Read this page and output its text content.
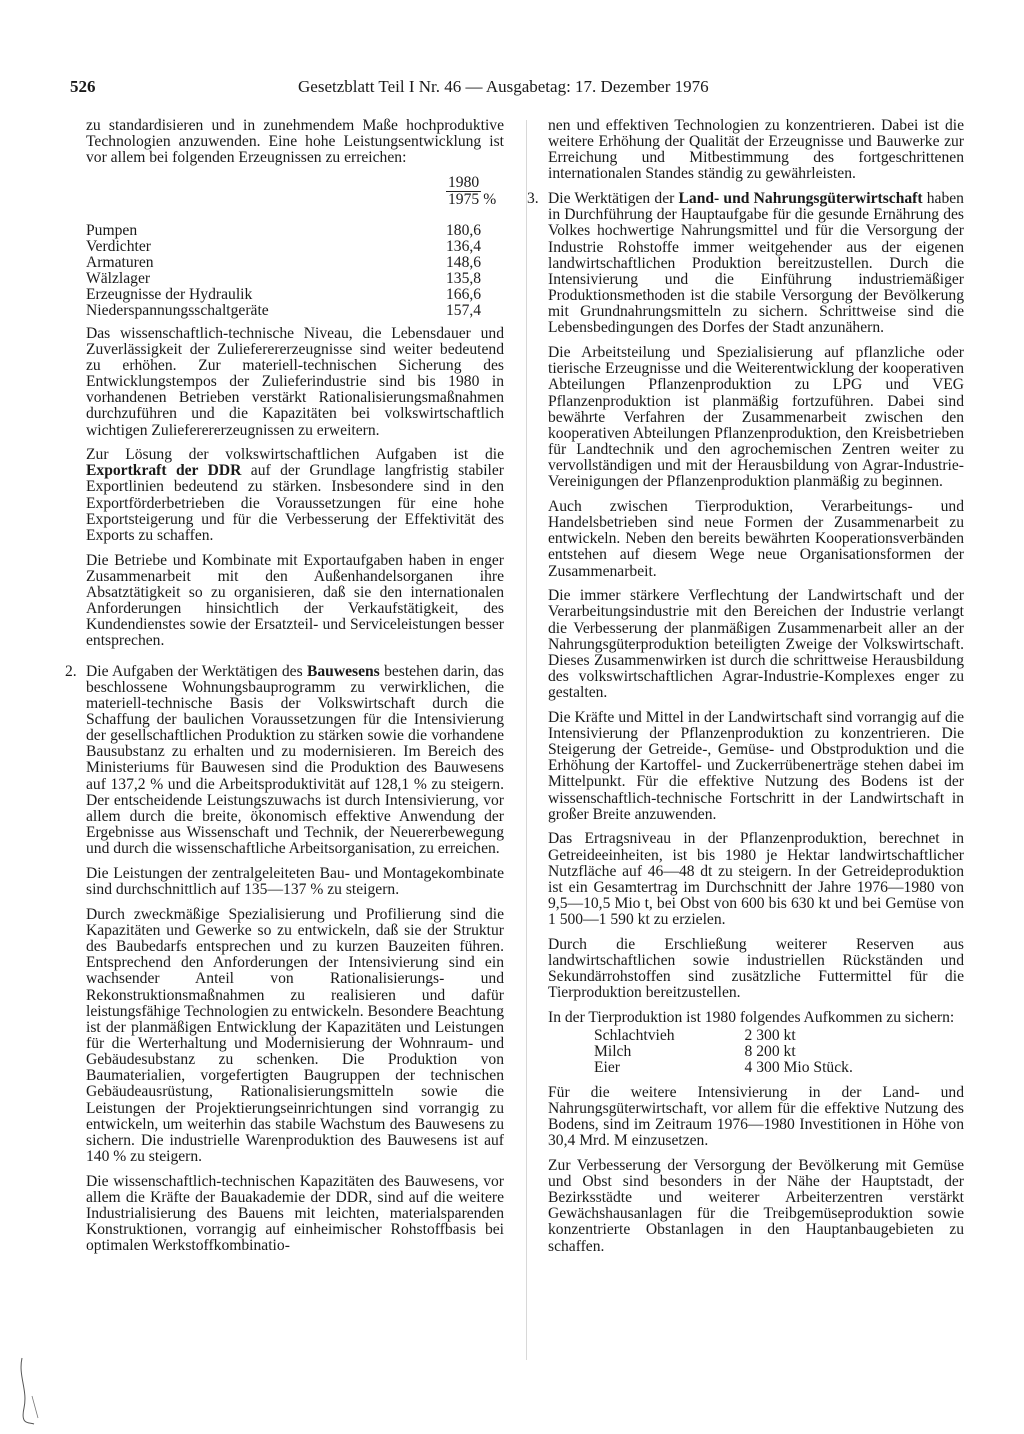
526	Gesetzblatt Teil I Nr. 46 — Ausgabetag: 17. Dezember 1976

zu standardisieren und in zunehmendem Maße hochproduktive Technologien anzuwenden. Eine hohe Leistungsentwicklung ist vor allem bei folgenden Erzeugnissen zu erreichen:

	$\frac{1980}{1975}$ %

Pumpen	180,6
Verdichter	136,4
Armaturen	148,6
Wälzlager	135,8
Erzeugnisse der Hydraulik	166,6
Niederspannungsschaltgeräte	157,4

Das wissenschaftlich-technische Niveau, die Lebensdauer und Zuverlässigkeit der Zulieferererzeugnisse sind weiter bedeutend zu erhöhen. Zur materiell-technischen Sicherung des Entwicklungstempos der Zulieferindustrie sind bis 1980 in vorhandenen Betrieben verstärkt Rationalisierungsmaßnahmen durchzuführen und die Kapazitäten bei volkswirtschaftlich wichtigen Zulieferererzeugnissen zu erweitern.

Zur Lösung der volkswirtschaftlichen Aufgaben ist die Exportkraft der DDR auf der Grundlage langfristig stabiler Exportlinien bedeutend zu stärken. Insbesondere sind in den Exportförderbetrieben die Voraussetzungen für eine hohe Exportsteigerung und für die Verbesserung der Effektivität des Exports zu schaffen.

Die Betriebe und Kombinate mit Exportaufgaben haben in enger Zusammenarbeit mit den Außenhandelsorganen ihre Absatztätigkeit so zu organisieren, daß sie den internationalen Anforderungen hinsichtlich der Verkaufstätigkeit, des Kundendienstes sowie der Ersatzteil- und Serviceleistungen besser entsprechen.

2. Die Aufgaben der Werktätigen des Bauwesens bestehen darin, das beschlossene Wohnungsbauprogramm zu verwirklichen, die materiell-technische Basis der Volkswirtschaft durch die Schaffung der baulichen Voraussetzungen für die Intensivierung der gesellschaftlichen Produktion zu stärken sowie die vorhandene Bausubstanz zu erhalten und zu modernisieren. Im Bereich des Ministeriums für Bauwesen sind die Produktion des Bauwesens auf 137,2 % und die Arbeitsproduktivität auf 128,1 % zu steigern. Der entscheidende Leistungszuwachs ist durch Intensivierung, vor allem durch die breite, ökonomisch effektive Anwendung der Ergebnisse aus Wissenschaft und Technik, der Neuererbewegung und durch die wissenschaftliche Arbeitsorganisation, zu erreichen.

Die Leistungen der zentralgeleiteten Bau- und Montagekombinate sind durchschnittlich auf 135—137 % zu steigern.

Durch zweckmäßige Spezialisierung und Profilierung sind die Kapazitäten und Gewerke so zu entwickeln, daß sie der Struktur des Baubedarfs entsprechen und zu kurzen Bauzeiten führen. Entsprechend den Anforderungen der Intensivierung sind ein wachsender Anteil von Rationalisierungs- und Rekonstruktionsmaßnahmen zu realisieren und dafür leistungsfähige Technologien zu entwickeln. Besondere Beachtung ist der planmäßigen Entwicklung der Kapazitäten und Leistungen für die Werterhaltung und Modernisierung der Wohnraum- und Gebäudesubstanz zu schenken. Die Produktion von Baumaterialien, vorgefertigten Baugruppen der technischen Gebäudeausrüstung, Rationalisierungsmitteln sowie die Leistungen der Projektierungseinrichtungen sind vorrangig zu entwickeln, um weiterhin das stabile Wachstum des Bauwesens zu sichern. Die industrielle Warenproduktion des Bauwesens ist auf 140 % zu steigern.

Die wissenschaftlich-technischen Kapazitäten des Bauwesens, vor allem die Kräfte der Bauakademie der DDR, sind auf die weitere Industrialisierung des Bauens mit leichten, materialsparenden Konstruktionen, vorrangig auf einheimischer Rohstoffbasis bei optimalen Werkstoffkombinatio-

nen und effektiven Technologien zu konzentrieren. Dabei ist die weitere Erhöhung der Qualität der Erzeugnisse und Bauwerke zur Erreichung und Mitbestimmung des fortgeschrittenen internationalen Standes ständig zu gewährleisten.

3. Die Werktätigen der Land- und Nahrungsgüterwirtschaft haben in Durchführung der Hauptaufgabe für die gesunde Ernährung des Volkes hochwertige Nahrungsmittel und für die Versorgung der Industrie Rohstoffe immer weitgehender aus der eigenen landwirtschaftlichen Produktion bereitzustellen. Durch die Intensivierung und die Einführung industriemäßiger Produktionsmethoden ist die stabile Versorgung der Bevölkerung mit Grundnahrungsmitteln zu sichern. Schrittweise sind die Lebensbedingungen des Dorfes der Stadt anzunähern.

Die Arbeitsteilung und Spezialisierung auf pflanzliche oder tierische Erzeugnisse und die Weiterentwicklung der kooperativen Abteilungen Pflanzenproduktion zu LPG und VEG Pflanzenproduktion ist planmäßig fortzuführen. Dabei sind bewährte Verfahren der Zusammenarbeit zwischen den kooperativen Abteilungen Pflanzenproduktion, den Kreisbetrieben für Landtechnik und den agrochemischen Zentren weiter zu vervollständigen und mit der Herausbildung von Agrar-Industrie-Vereinigungen der Pflanzenproduktion planmäßig zu beginnen.

Auch zwischen Tierproduktion, Verarbeitungs- und Handelsbetrieben sind neue Formen der Zusammenarbeit zu entwickeln. Neben den bereits bewährten Kooperationsverbänden entstehen auf diesem Wege neue Organisationsformen der Zusammenarbeit.

Die immer stärkere Verflechtung der Landwirtschaft und der Verarbeitungsindustrie mit den Bereichen der Industrie verlangt die Verbesserung der planmäßigen Zusammenarbeit aller an der Nahrungsgüterproduktion beteiligten Zweige der Volkswirtschaft. Dieses Zusammenwirken ist durch die schrittweise Herausbildung des volkswirtschaftlichen Agrar-Industrie-Komplexes enger zu gestalten.

Die Kräfte und Mittel in der Landwirtschaft sind vorrangig auf die Intensivierung der Pflanzenproduktion zu konzentrieren. Die Steigerung der Getreide-, Gemüse- und Obstproduktion und die Erhöhung der Kartoffel- und Zuckerrübenerträge stehen dabei im Mittelpunkt. Für die effektive Nutzung des Bodens ist der wissenschaftlich-technische Fortschritt in der Landwirtschaft in großer Breite anzuwenden.

Das Ertragsniveau in der Pflanzenproduktion, berechnet in Getreideeinheiten, ist bis 1980 je Hektar landwirtschaftlicher Nutzfläche auf 46—48 dt zu steigern. In der Getreideproduktion ist ein Gesamtertrag im Durchschnitt der Jahre 1976—1980 von 9,5—10,5 Mio t, bei Obst von 600 bis 630 kt und bei Gemüse von 1 500—1 590 kt zu erzielen.

Durch die Erschließung weiterer Reserven aus landwirtschaftlichen sowie industriellen Rückständen und Sekundärrohstoffen sind zusätzliche Futtermittel für die Tierproduktion bereitzustellen.

In der Tierproduktion ist 1980 folgendes Aufkommen zu sichern:

Schlachtvieh	2 300 kt
Milch	8 200 kt
Eier	4 300 Mio Stück.

Für die weitere Intensivierung in der Land- und Nahrungsgüterwirtschaft, vor allem für die effektive Nutzung des Bodens, sind im Zeitraum 1976—1980 Investitionen in Höhe von 30,4 Mrd. M einzusetzen.

Zur Verbesserung der Versorgung der Bevölkerung mit Gemüse und Obst sind besonders in der Nähe der Hauptstadt, der Bezirksstädte und weiterer Arbeiterzentren verstärkt Gewächshausanlagen für die Treibgemüseproduktion sowie konzentrierte Obstanlagen in den Hauptanbaugebieten zu schaffen.
